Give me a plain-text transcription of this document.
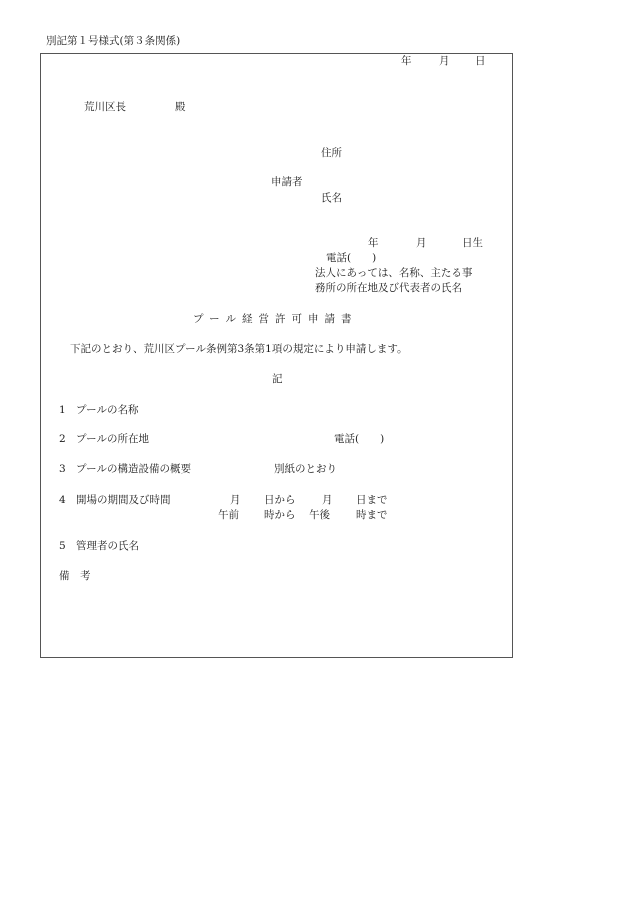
別記第１号様式(第３条関係)
年	月 日
荒川区長	殿
住所
申請者
氏名
年	月	日生
電話(　　)
法人にあっては、名称、主たる事
務所の所在地及び代表者の氏名
プール経営許可申請書
下記のとおり、荒川区プール条例第3条第1項の規定により申請します。
記
1 プールの名称
2 プールの所在地	電話(　　)
3 プールの構造設備の概要	別紙のとおり
4 開場の期間及び時間	月 日から	月 日まで
午前 時から 午後 時まで
5 管理者の氏名
備　考
